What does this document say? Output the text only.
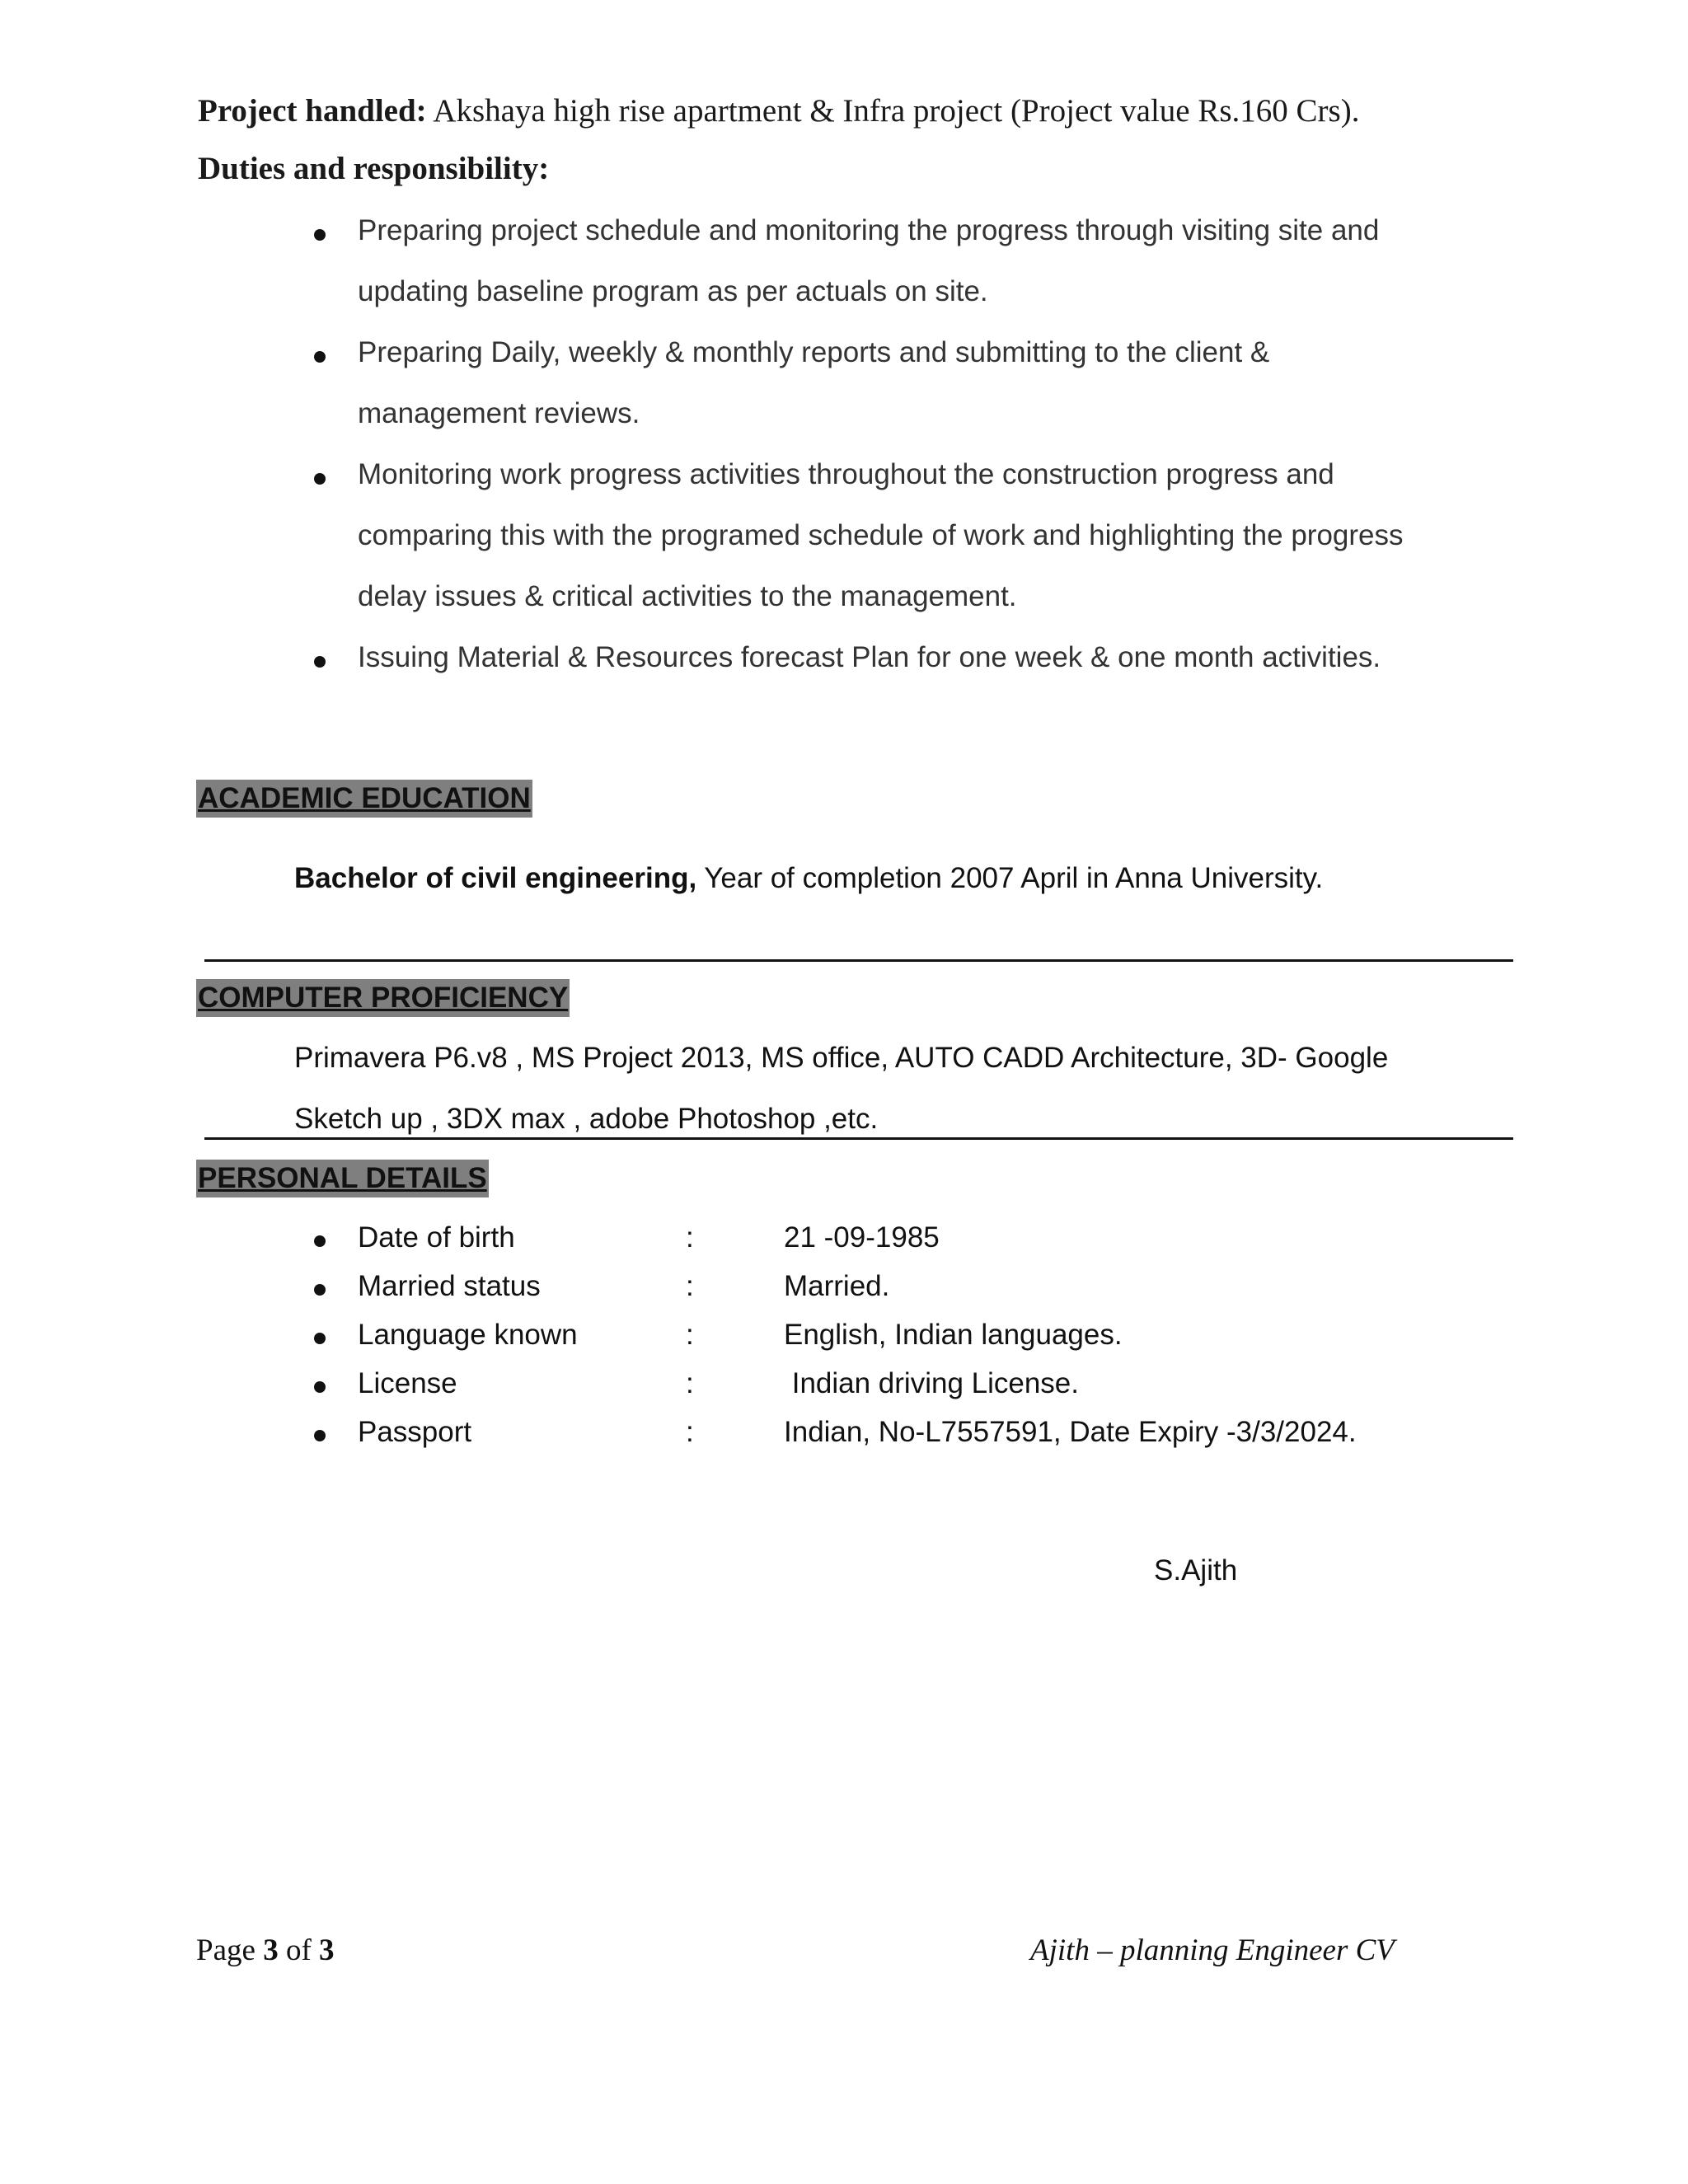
Project handled: Akshaya high rise apartment & Infra project (Project value Rs.160 Crs).

Duties and responsibility:

Preparing project schedule and monitoring the progress through visiting site and
updating baseline program as per actuals on site.
Preparing Daily, weekly & monthly reports and submitting to the client &
management reviews.
Monitoring work progress activities throughout the construction progress and
comparing this with the programed schedule of work and highlighting the progress
delay issues & critical activities to the management.
Issuing Material & Resources forecast Plan for one week & one month activities.
ACADEMIC EDUCATION

Bachelor of civil engineering, Year of completion 2007 April in Anna University.

COMPUTER PROFICIENCY
Primavera P6.v8 , MS Project 2013, MS office, AUTO CADD Architecture, 3D- Google
Sketch up , 3DX max , adobe Photoshop ,etc.
PERSONAL DETAILS
Date of birth	:	21 -09-1985
Married status	:	Married.
Language known	:	English, Indian languages.
License	:	Indian driving License.
Passport	:	Indian, No-L7557591, Date Expiry -3/3/2024.
S.Ajith

Page 3 of 3	Ajith – planning Engineer CV
